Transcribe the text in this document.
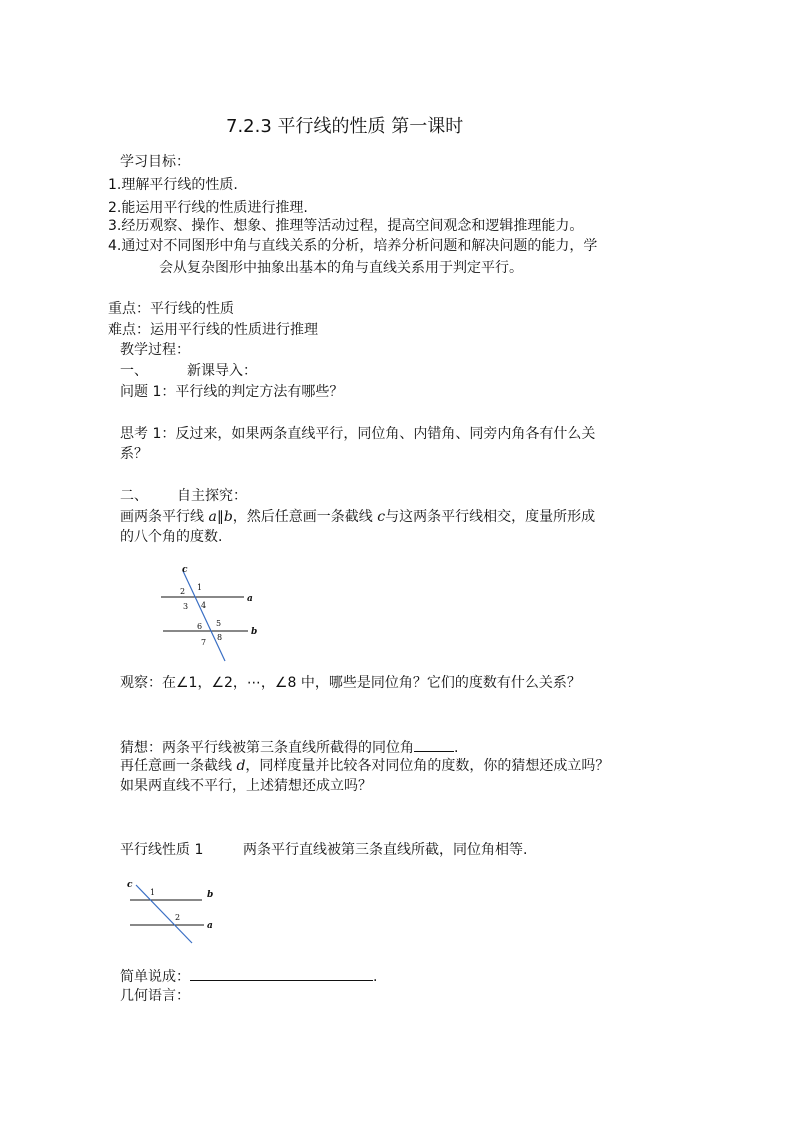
7.2.3 平行线的性质 第一课时
学习目标：
1.理解平行线的性质.
2.能运用平行线的性质进行推理.
3.经历观察、操作、想象、推理等活动过程，提高空间观念和逻辑推理能力。
4.通过对不同图形中角与直线关系的分析，培养分析问题和解决问题的能力，学
会从复杂图形中抽象出基本的角与直线关系用于判定平行。
重点：平行线的性质
难点：运用平行线的性质进行推理
教学过程：
一、	新课导入：
问题 1：平行线的判定方法有哪些？
思考 1：反过来，如果两条直线平行，同位角、内错角、同旁内角各有什么关
系？
二、 自主探究：
画两条平行线 a∥b，然后任意画一条截线 c与这两条平行线相交，度量所形成
的八个角的度数.
c
a
b
1
2
3 4
5
6
7
8
观察：在∠1，∠2，⋯，∠8 中，哪些是同位角？它们的度数有什么关系？
猜想：两条平行线被第三条直线所截得的同位角	.
再任意画一条截线 d，同样度量并比较各对同位角的度数，你的猜想还成立吗？
如果两直线不平行，上述猜想还成立吗？
平行线性质 1	两条平行直线被第三条直线所截，同位角相等.
c
b
a
1
2
简单说成：	.
几何语言：
